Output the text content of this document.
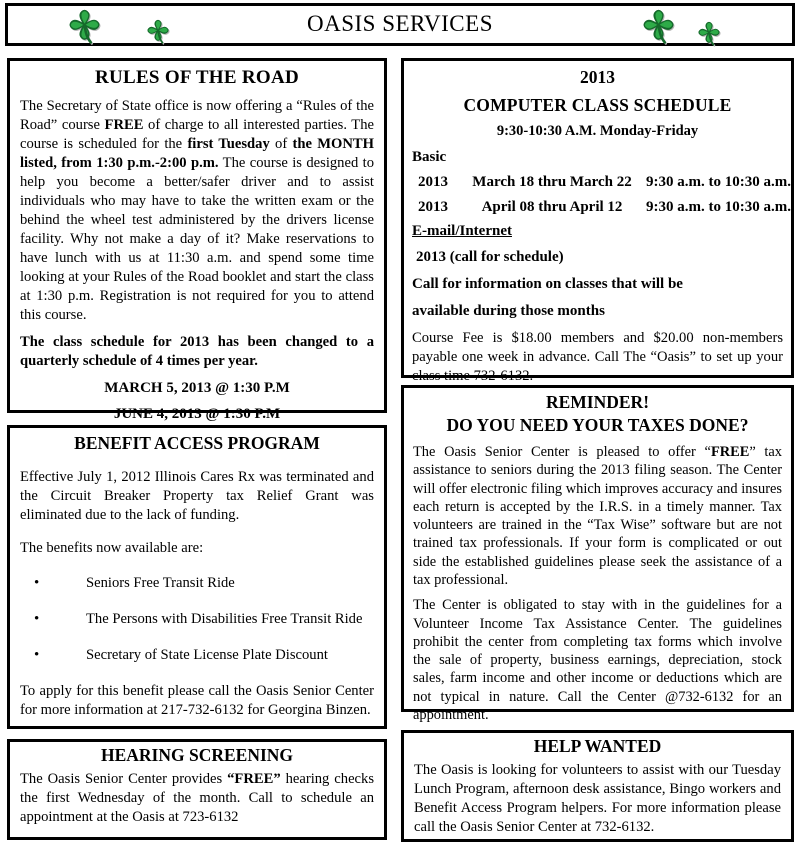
OASIS SERVICES
RULES OF THE ROAD

The Secretary of State office is now offering a “Rules of the Road” course FREE of charge to all interested parties. The course is scheduled for the first Tuesday of the MONTH listed, from 1:30 p.m.-2:00 p.m. The course is designed to help you become a better/safer driver and to assist individuals who may have to take the written exam or the behind the wheel test administered by the drivers license facility. Why not make a day of it? Make reservations to have lunch with us at 11:30 a.m. and spend some time looking at your Rules of the Road booklet and start the class at 1:30 p.m. Registration is not required for you to attend this course.

The class schedule for 2013 has been changed to a quarterly schedule of 4 times per year.

MARCH 5, 2013 @ 1:30 P.M
JUNE 4, 2013 @ 1:30 P.M
BENEFIT ACCESS PROGRAM

Effective July 1, 2012 Illinois Cares Rx was terminated and the Circuit Breaker Property tax Relief Grant was eliminated due to the lack of funding.

The benefits now available are:

• Seniors Free Transit Ride
• The Persons with Disabilities Free Transit Ride
• Secretary of State License Plate Discount

To apply for this benefit please call the Oasis Senior Center for more information at 217-732-6132 for Georgina Binzen.

HEARING SCREENING

The Oasis Senior Center provides “FREE” hearing checks the first Wednesday of the month. Call to schedule an appointment at the Oasis at 723-6132

2013
COMPUTER CLASS SCHEDULE
9:30-10:30 A.M. Monday-Friday
Basic
2013	March 18 thru March 22 9:30 a.m. to 10:30 a.m.
2013	April 08 thru April 12	9:30 a.m. to 10:30 a.m.
E-mail/Internet
2013 (call for schedule)
Call for information on classes that will be
available during those months

Course Fee is $18.00 members and $20.00 non-members payable one week in advance. Call The “Oasis” to set up your class time 732-6132.

REMINDER!
DO YOU NEED YOUR TAXES DONE?

The Oasis Senior Center is pleased to offer “FREE” tax assistance to seniors during the 2013 filing season. The Center will offer electronic filing which improves accuracy and insures each return is accepted by the I.R.S. in a timely manner. Tax volunteers are trained in the “Tax Wise” software but are not trained tax professionals. If your form is complicated or out side the established guidelines please seek the assistance of a tax professional.

The Center is obligated to stay with in the guidelines for a Volunteer Income Tax Assistance Center. The guidelines prohibit the center from completing tax forms which involve the sale of property, business earnings, depreciation, stock sales, farm income and other income or deductions which are not typical in nature. Call the Center @732-6132 for an appointment.

HELP WANTED

The Oasis is looking for volunteers to assist with our Tuesday Lunch Program, afternoon desk assistance, Bingo workers and Benefit Access Program helpers. For more information please call the Oasis Senior Center at 732-6132.
